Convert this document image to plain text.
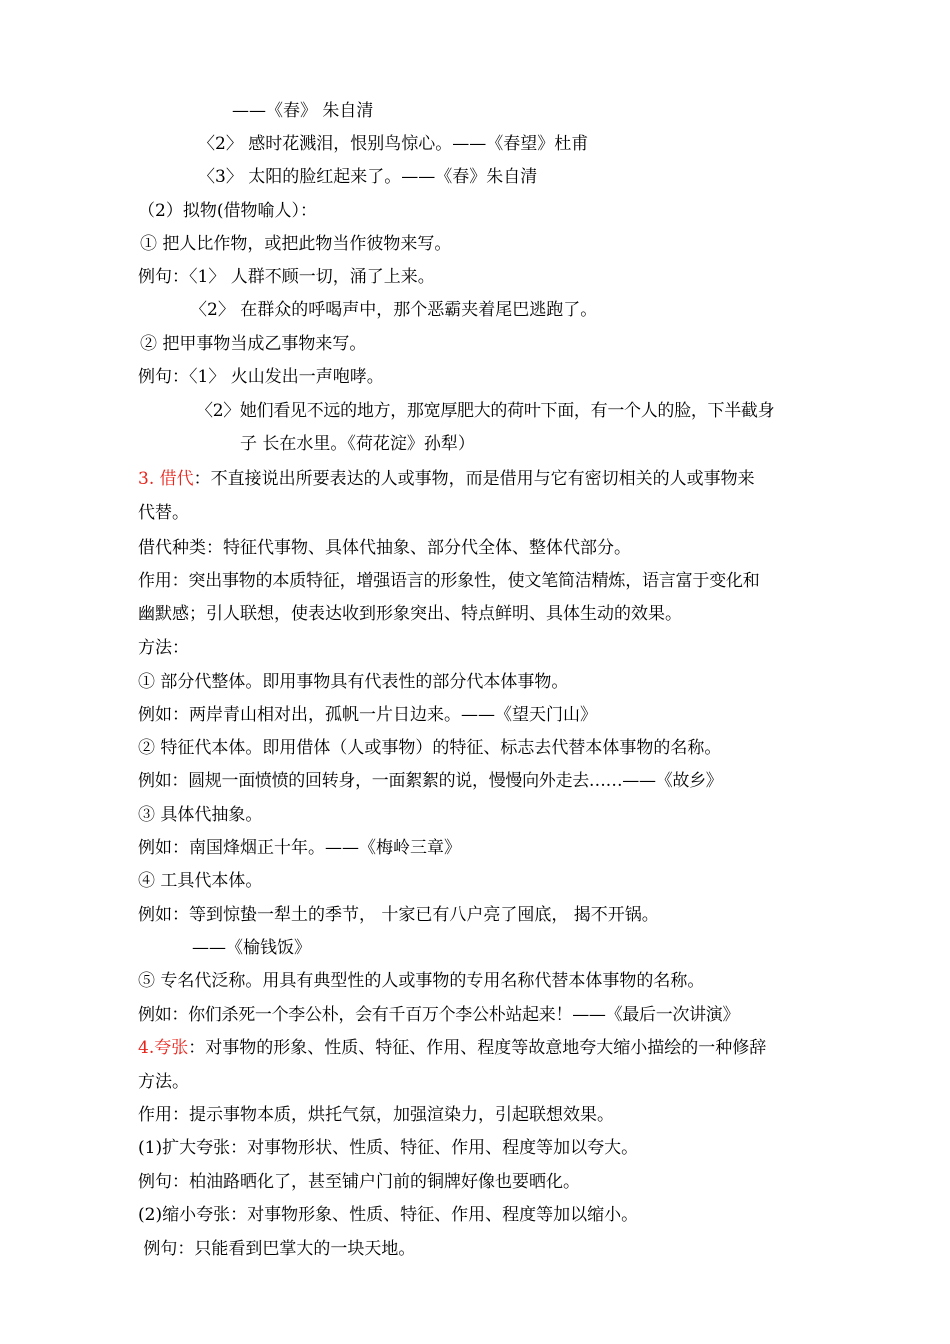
——《春》 朱自清
〈2〉 感时花溅泪，恨别鸟惊心。——《春望》杜甫
〈3〉 太阳的脸红起来了。——《春》朱自清
（2）拟物(借物喻人）：
① 把人比作物，或把此物当作彼物来写。
例句：〈1〉 人群不顾一切，涌了上来。
〈2〉 在群众的呼喝声中，那个恶霸夹着尾巴逃跑了。
② 把甲事物当成乙事物来写。
例句：〈1〉 火山发出一声咆哮。
〈2〉她们看见不远的地方，那宽厚肥大的荷叶下面，有一个人的脸，下半截身
子 长在水里。《荷花淀》孙犁）
3. 借代：不直接说出所要表达的人或事物，而是借用与它有密切相关的人或事物来
代替。
借代种类：特征代事物、具体代抽象、部分代全体、整体代部分。
作用：突出事物的本质特征，增强语言的形象性，使文笔简洁精炼，语言富于变化和
幽默感；引人联想，使表达收到形象突出、特点鲜明、具体生动的效果。
方法：
① 部分代整体。即用事物具有代表性的部分代本体事物。
例如：两岸青山相对出，孤帆一片日边来。——《望天门山》
② 特征代本体。即用借体（人或事物）的特征、标志去代替本体事物的名称。
例如：圆规一面愤愤的回转身，一面絮絮的说，慢慢向外走去……——《故乡》
③ 具体代抽象。
例如：南国烽烟正十年。——《梅岭三章》
④ 工具代本体。
例如：等到惊蛰一犁土的季节， 十家已有八户亮了囤底， 揭不开锅。
——《榆钱饭》
⑤ 专名代泛称。用具有典型性的人或事物的专用名称代替本体事物的名称。
例如：你们杀死一个李公朴，会有千百万个李公朴站起来！——《最后一次讲演》
4.夸张：对事物的形象、性质、特征、作用、程度等故意地夸大缩小描绘的一种修辞
方法。
作用：提示事物本质，烘托气氛，加强渲染力，引起联想效果。
(1)扩大夸张：对事物形状、性质、特征、作用、程度等加以夸大。
例句：柏油路晒化了，甚至铺户门前的铜牌好像也要晒化。
(2)缩小夸张：对事物形象、性质、特征、作用、程度等加以缩小。
例句：只能看到巴掌大的一块天地。
